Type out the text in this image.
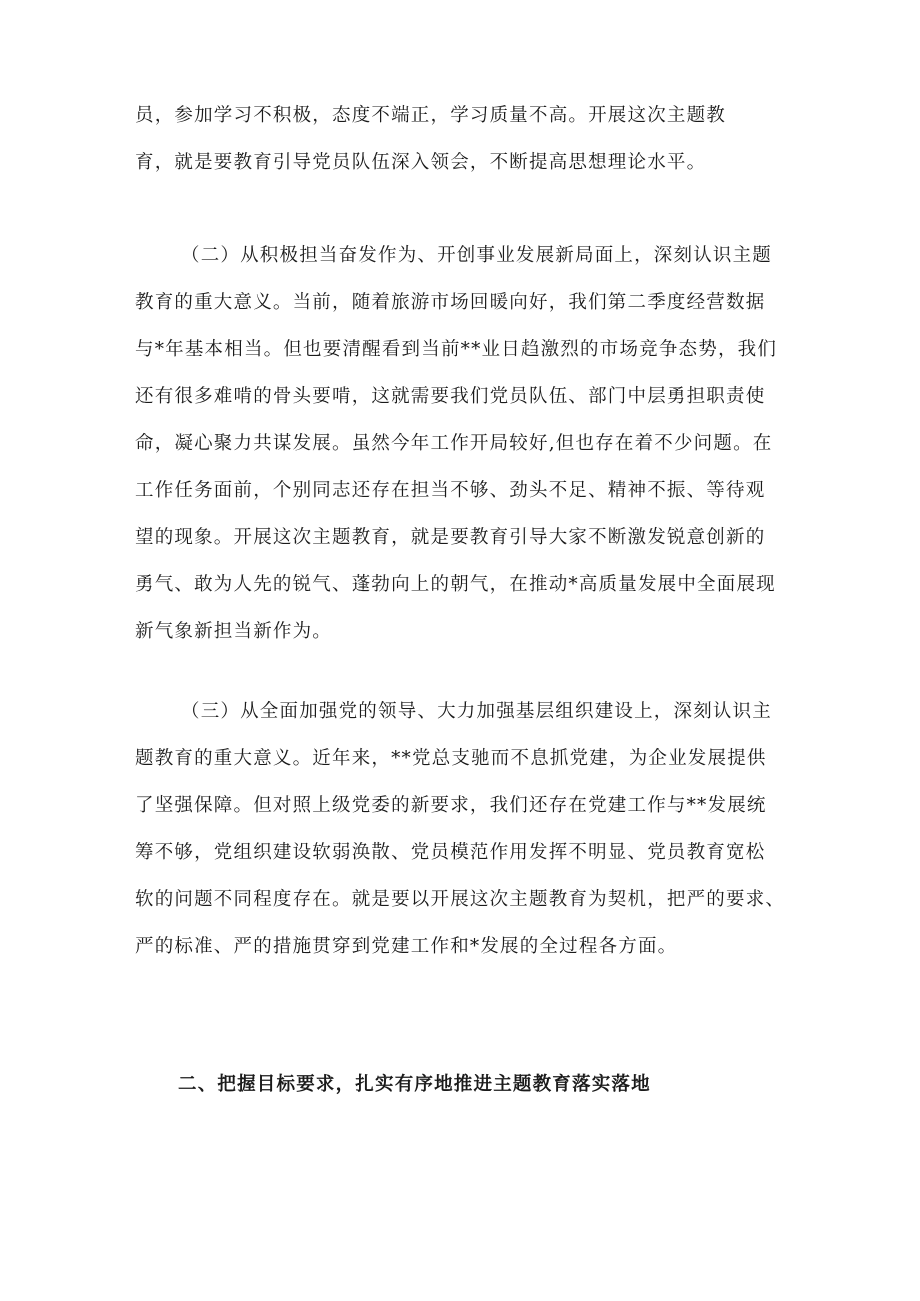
员，参加学习不积极，态度不端正，学习质量不高。开展这次主题教
育，就是要教育引导党员队伍深入领会，不断提高思想理论水平。
（二）从积极担当奋发作为、开创事业发展新局面上，深刻认识主题
教育的重大意义。当前，随着旅游市场回暖向好，我们第二季度经营数据
与*年基本相当。但也要清醒看到当前**业日趋激烈的市场竞争态势，我们
还有很多难啃的骨头要啃，这就需要我们党员队伍、部门中层勇担职责使
命，凝心聚力共谋发展。虽然今年工作开局较好,但也存在着不少问题。在
工作任务面前，个别同志还存在担当不够、劲头不足、精神不振、等待观
望的现象。开展这次主题教育，就是要教育引导大家不断激发锐意创新的
勇气、敢为人先的锐气、蓬勃向上的朝气，在推动*高质量发展中全面展现
新气象新担当新作为。
（三）从全面加强党的领导、大力加强基层组织建设上，深刻认识主
题教育的重大意义。近年来，**党总支驰而不息抓党建，为企业发展提供
了坚强保障。但对照上级党委的新要求，我们还存在党建工作与**发展统
筹不够，党组织建设软弱涣散、党员模范作用发挥不明显、党员教育宽松
软的问题不同程度存在。就是要以开展这次主题教育为契机，把严的要求、
严的标准、严的措施贯穿到党建工作和*发展的全过程各方面。
二、把握目标要求，扎实有序地推进主题教育落实落地
